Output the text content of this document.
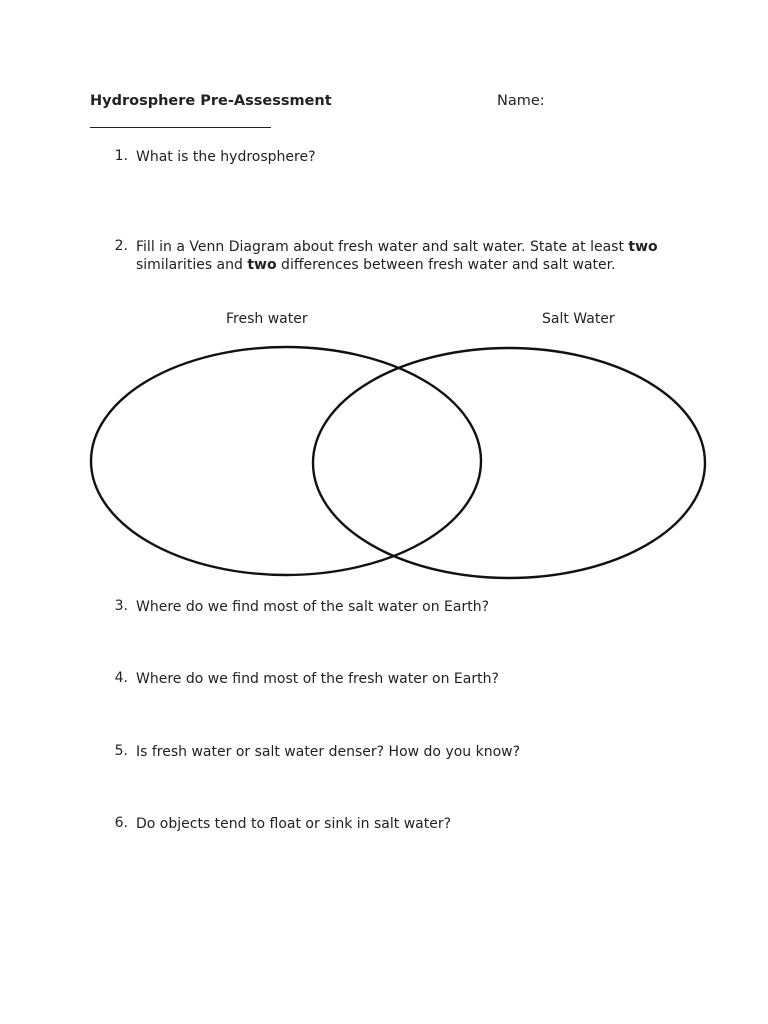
Hydrosphere Pre-Assessment	Name:
1. What is the hydrosphere?
2. Fill in a Venn Diagram about fresh water and salt water. State at least two similarities and two differences between fresh water and salt water.
Fresh water	Salt Water
3. Where do we find most of the salt water on Earth?
4. Where do we find most of the fresh water on Earth?
5. Is fresh water or salt water denser? How do you know?
6. Do objects tend to float or sink in salt water?
